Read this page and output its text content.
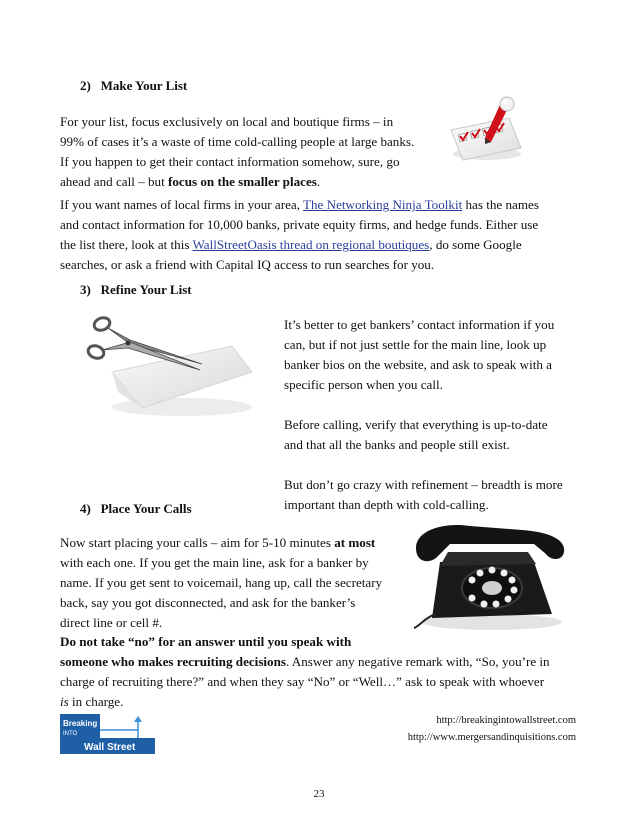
2) Make Your List
For your list, focus exclusively on local and boutique firms – in
99% of cases it’s a waste of time cold-calling people at large banks.
If you happen to get their contact information somehow, sure, go
ahead and call – but focus on the smaller places.
If you want names of local firms in your area, The Networking Ninja Toolkit has the names
and contact information for 10,000 banks, private equity firms, and hedge funds. Either use
the list there, look at this WallStreetOasis thread on regional boutiques, do some Google
searches, or ask a friend with Capital IQ access to run searches for you.
3) Refine Your List
It’s better to get bankers’ contact information if you
can, but if not just settle for the main line, look up
banker bios on the website, and ask to speak with a
specific person when you call.
Before calling, verify that everything is up-to-date
and that all the banks and people still exist.
But don’t go crazy with refinement – breadth is more
important than depth with cold-calling.
4) Place Your Calls
Now start placing your calls – aim for 5-10 minutes at most
with each one. If you get the main line, ask for a banker by
name. If you get sent to voicemail, hang up, call the secretary
back, say you got disconnected, and ask for the banker’s
direct line or cell #.
Do not take “no” for an answer until you speak with
someone who makes recruiting decisions. Answer any negative remark with, “So, you’re in
charge of recruiting there?” and when they say “No” or “Well…” ask to speak with whoever
is in charge.
Breaking
INTO
Wall Street
http://breakingintowallstreet.com
http://www.mergersandinquisitions.com
23
